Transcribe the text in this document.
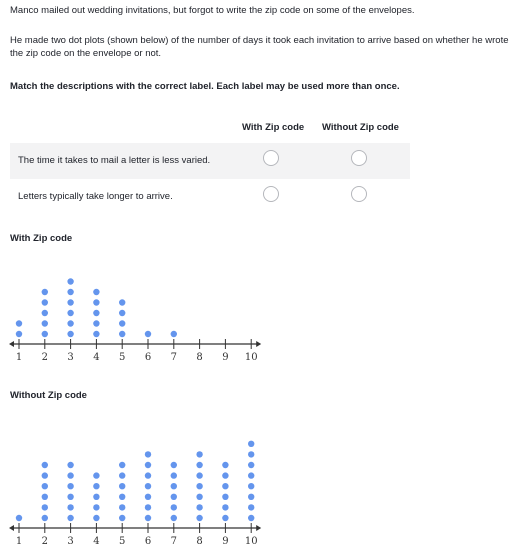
Manco mailed out wedding invitations, but forgot to write the zip code on some of the envelopes.

He made two dot plots (shown below) of the number of days it took each invitation to arrive based on whether he wrote the zip code on the envelope or not.

Match the descriptions with the correct label. Each label may be used more than once.

With Zip code Without Zip code
The time it takes to mail a letter is less varied.
Letters typically take longer to arrive.
With Zip code
1 2 3 4 5 6 7 8 9 10
Without Zip code
1 2 3 4 5 6 7 8 9 10
